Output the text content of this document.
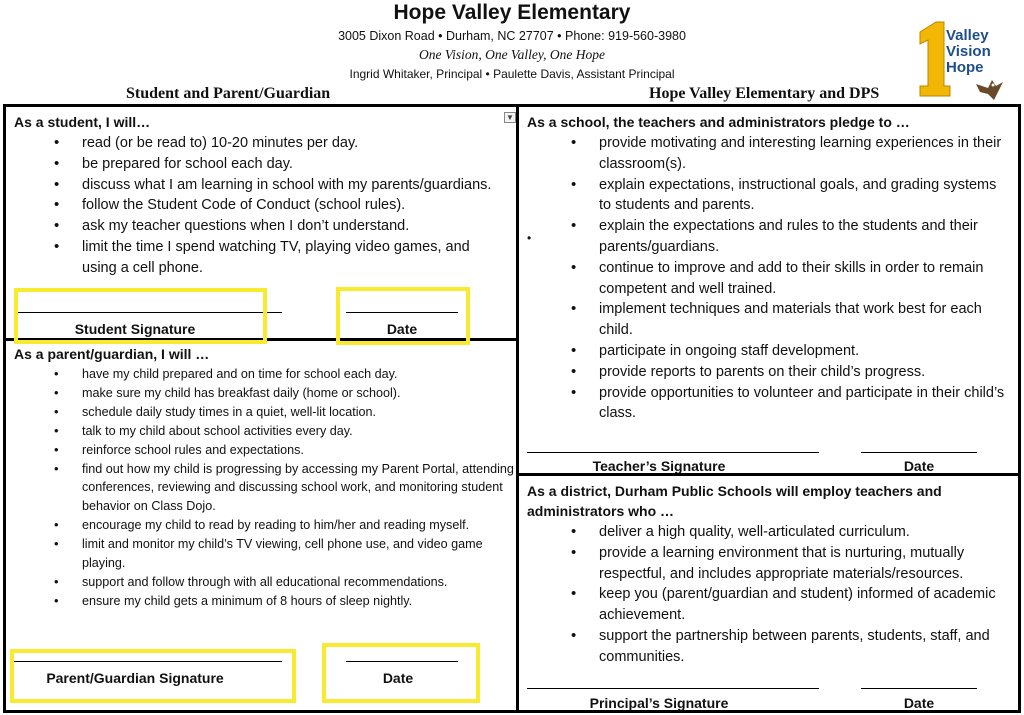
Hope Valley Elementary
3005 Dixon Road • Durham, NC 27707 • Phone: 919-560-3980
One Vision, One Valley, One Hope
Ingrid Whitaker, Principal • Paulette Davis, Assistant Principal
Student and Parent/Guardian	Hope Valley Elementary and DPS
1
Valley
Vision
Hope
As a student, I will…	▼
• read (or be read to) 10-20 minutes per day.
• be prepared for school each day.
• discuss what I am learning in school with my parents/guardians.
• follow the Student Code of Conduct (school rules).
• ask my teacher questions when I don’t understand.
• limit the time I spend watching TV, playing video games, and using a cell phone.
Student Signature	Date
As a parent/guardian, I will …
• have my child prepared and on time for school each day.
• make sure my child has breakfast daily (home or school).
• schedule daily study times in a quiet, well-lit location.
• talk to my child about school activities every day.
• reinforce school rules and expectations.
• find out how my child is progressing by accessing my Parent Portal, attending conferences, reviewing and discussing school work, and monitoring student behavior on Class Dojo.
• encourage my child to read by reading to him/her and reading myself.
• limit and monitor my child’s TV viewing, cell phone use, and video game playing.
• support and follow through with all educational recommendations.
• ensure my child gets a minimum of 8 hours of sleep nightly.
Parent/Guardian Signature	Date
As a school, the teachers and administrators pledge to …
• provide motivating and interesting learning experiences in their classroom(s).
• explain expectations, instructional goals, and grading systems to students and parents.
• explain the expectations and rules to the students and their parents/guardians.
• continue to improve and add to their skills in order to remain competent and well trained.
• implement techniques and materials that work best for each child.
• participate in ongoing staff development.
• provide reports to parents on their child’s progress.
• provide opportunities to volunteer and participate in their child’s class.
Teacher’s Signature	Date
As a district, Durham Public Schools will employ teachers and administrators who …
• deliver a high quality, well-articulated curriculum.
• provide a learning environment that is nurturing, mutually respectful, and includes appropriate materials/resources.
• keep you (parent/guardian and student) informed of academic achievement.
• support the partnership between parents, students, staff, and communities.
Principal’s Signature	Date
•
